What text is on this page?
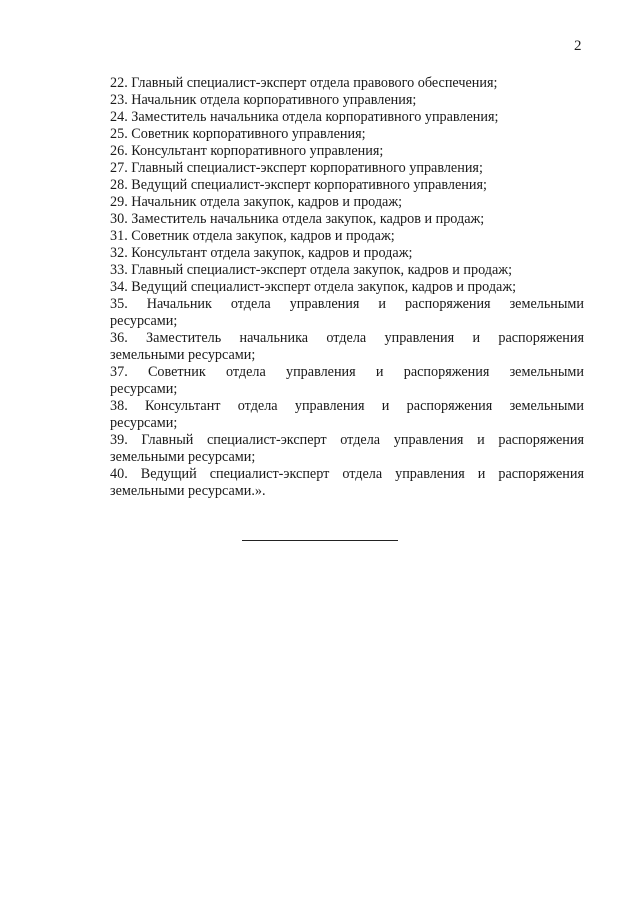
2
22. Главный специалист-эксперт отдела правового обеспечения;
23. Начальник отдела корпоративного управления;
24. Заместитель начальника отдела корпоративного управления;
25. Советник корпоративного управления;
26. Консультант корпоративного управления;
27. Главный специалист-эксперт корпоративного управления;
28. Ведущий специалист-эксперт корпоративного управления;
29. Начальник отдела закупок, кадров и продаж;
30. Заместитель начальника отдела закупок, кадров и продаж;
31. Советник отдела закупок, кадров и продаж;
32. Консультант отдела закупок, кадров и продаж;
33. Главный специалист-эксперт отдела закупок, кадров и продаж;
34. Ведущий специалист-эксперт отдела закупок, кадров и продаж;
35. Начальник отдела управления и распоряжения земельными
ресурсами;
36. Заместитель начальника отдела управления и распоряжения
земельными ресурсами;
37. Советник отдела управления и распоряжения земельными
ресурсами;
38. Консультант отдела управления и распоряжения земельными
ресурсами;
39. Главный специалист-эксперт отдела управления и распоряжения
земельными ресурсами;
40. Ведущий специалист-эксперт отдела управления и распоряжения
земельными ресурсами.».
